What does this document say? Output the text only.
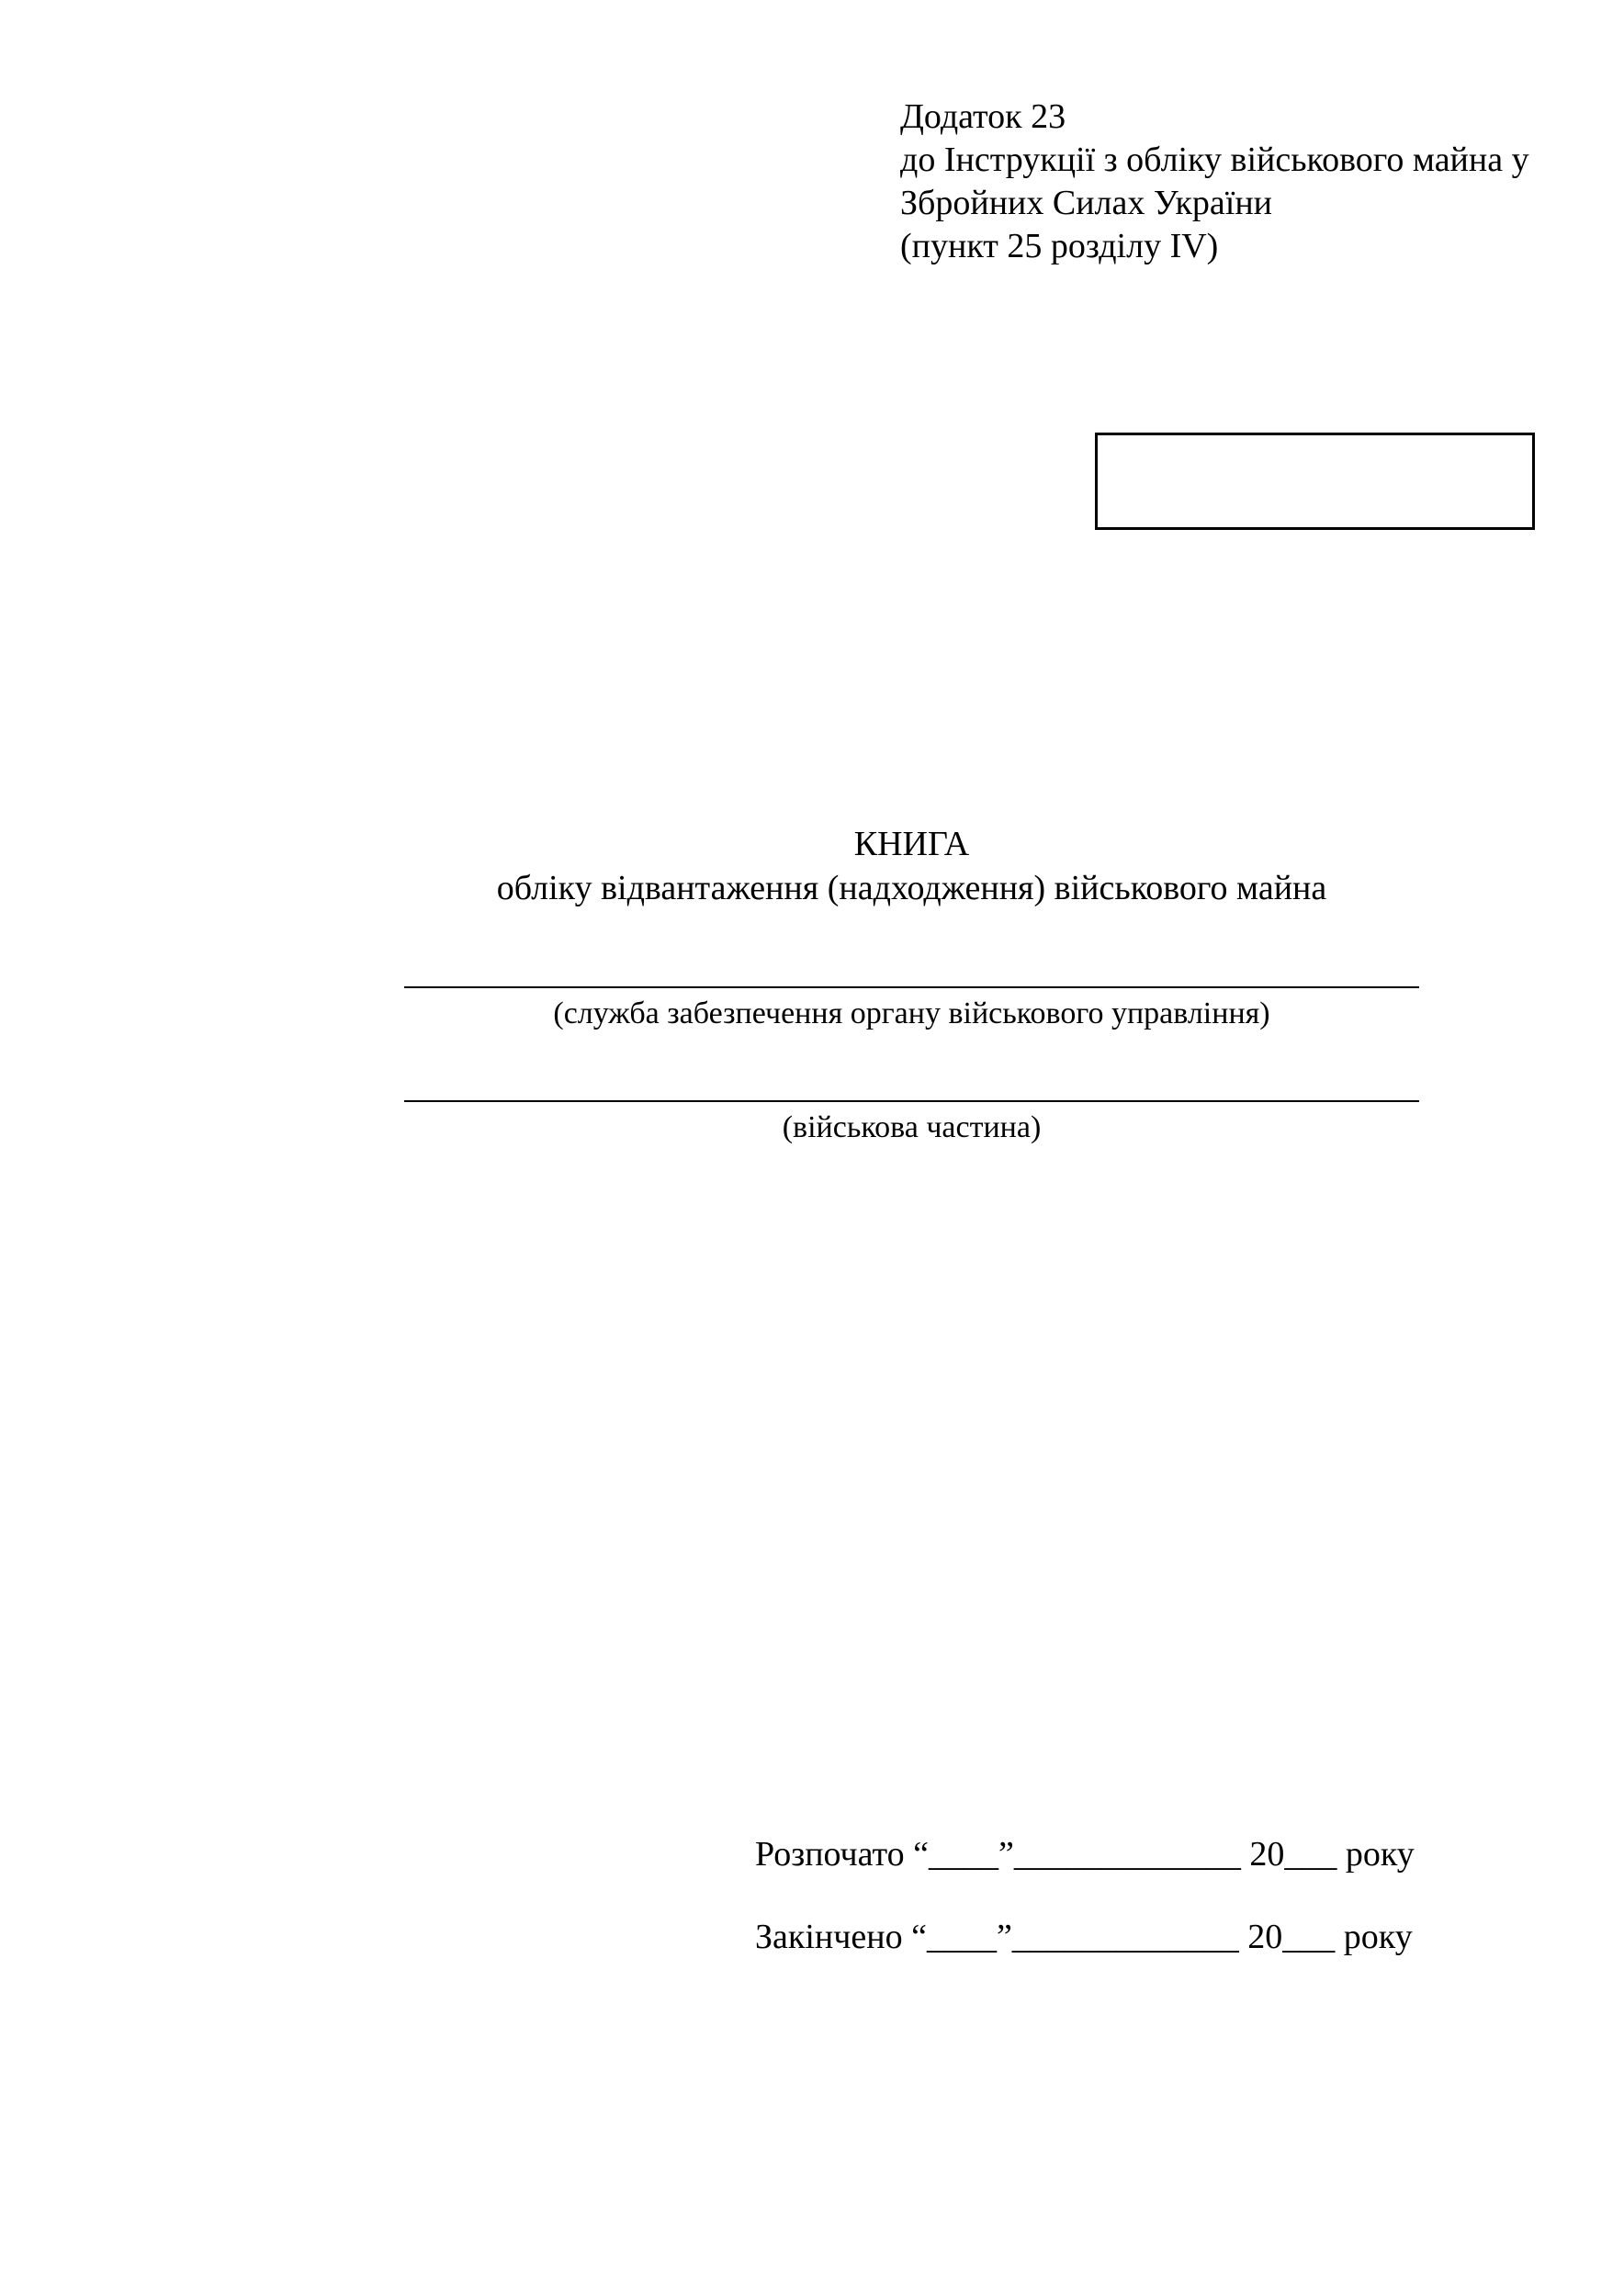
Додаток 23
до Інструкції з обліку військового майна у
Збройних Силах України
(пункт 25 розділу IV)
КНИГА
обліку відвантаження (надходження) військового майна
(служба забезпечення органу військового управління)
(військова частина)
Розпочато “____”_____________ 20___ року
Закінчено “____”_____________ 20___ року
